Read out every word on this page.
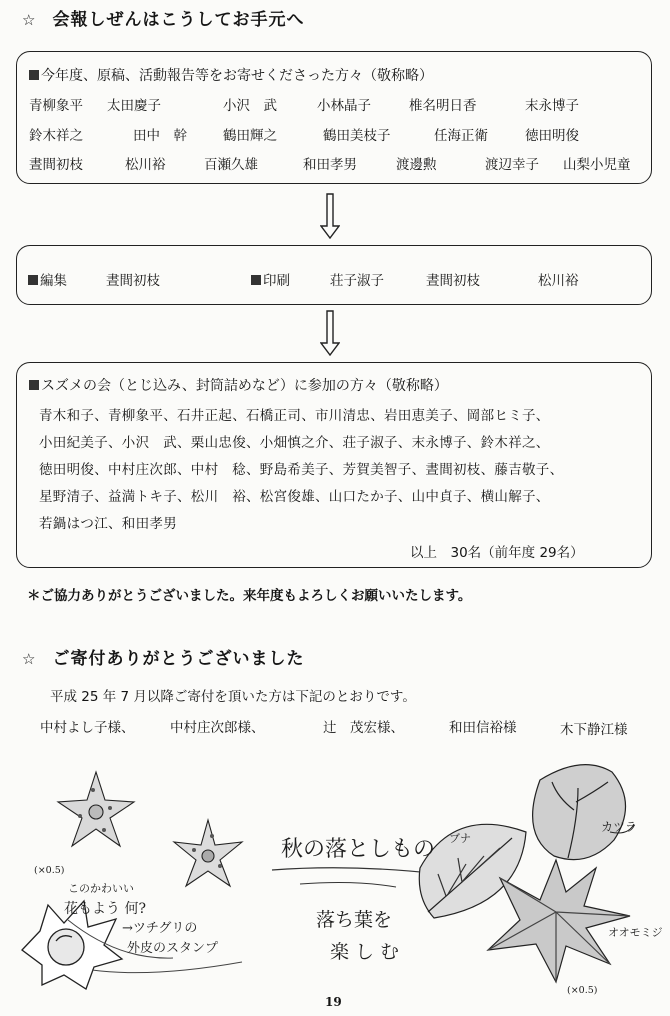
☆ 会報しぜんはこうしてお手元へ
今年度、原稿、活動報告等をお寄せくださった方々（敬称略）
青柳象平 太田慶子	小沢　武	小林晶子	椎名明日香	末永博子
鈴木祥之	田中　幹	鶴田輝之	鶴田美枝子	任海正衛	徳田明俊
晝間初枝	松川裕	百瀬久雄	和田孝男	渡邊勲	渡辺幸子 山梨小児童
編集	晝間初枝	印刷	荘子淑子	晝間初枝	松川裕
スズメの会（とじ込み、封筒詰めなど）に参加の方々（敬称略）
青木和子、青柳象平、石井正起、石橋正司、市川清忠、岩田恵美子、岡部ヒミ子、
小田紀美子、小沢　武、栗山忠俊、小畑慎之介、荘子淑子、末永博子、鈴木祥之、
徳田明俊、中村庄次郎、中村　稔、野島希美子、芳賀美智子、晝間初枝、藤吉敬子、
星野清子、益満トキ子、松川　裕、松宮俊雄、山口たか子、山中貞子、横山解子、
若鍋はつ江、和田孝男
以上　30名（前年度 29名）
＊ご協力ありがとうございました。来年度もよろしくお願いいたします。
☆ ご寄付ありがとうございました
平成 25 年 7 月以降ご寄付を頂いた方は下記のとおりです。
中村よし子様、	中村庄次郎様、	辻　茂宏様、	和田信裕様	木下静江様
秋の落としもの
落ち葉を
楽しむ
(×0.5)
このかわいい
花もよう 何?
→ツチグリの
外皮のスタンプ
ブナ
カツラ
オオモミジ
(×0.5)
19
